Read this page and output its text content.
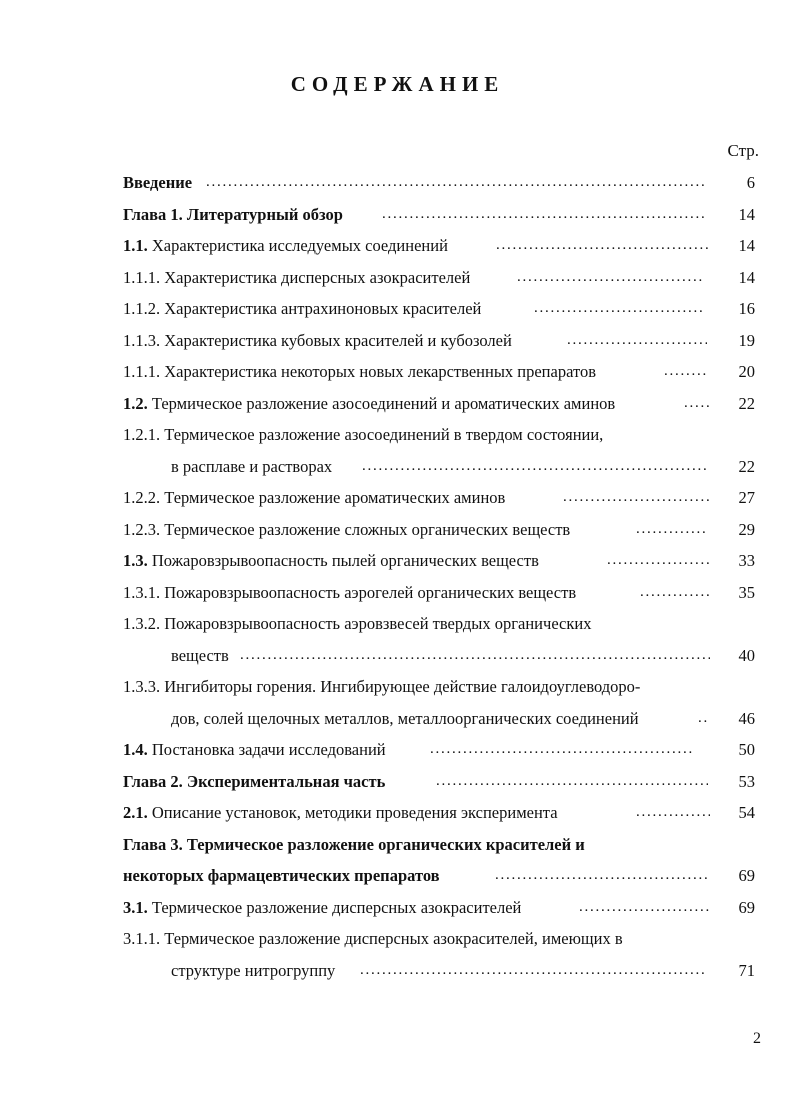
СОДЕРЖАНИЕ
Стр.
Введение . . .	6
Глава 1. Литературный обзор . . .	14
1.1. Характеристика исследуемых соединений . . .	14
1.1.1. Характеристика дисперсных азокрасителей . . .	14
1.1.2. Характеристика антрахиноновых красителей . . .	16
1.1.3. Характеристика кубовых красителей и кубозолей . . .	19
1.1.1. Характеристика некоторых новых лекарственных препаратов . . .	20
1.2. Термическое разложение азосоединений и ароматических аминов . . .	22
1.2.1. Термическое разложение азосоединений в твердом состоянии,
в расплаве и растворах . . .	22
1.2.2. Термическое разложение ароматических аминов . . .	27
1.2.3. Термическое разложение сложных органических веществ . . .	29
1.3. Пожаровзрывоопасность пылей органических веществ . . .	33
1.3.1. Пожаровзрывоопасность аэрогелей органических веществ . . .	35
1.3.2. Пожаровзрывоопасность аэровзвесей твердых органических
веществ . . .	40
1.3.3. Ингибиторы горения. Ингибирующее действие галоидоуглеводоро-
дов, солей щелочных металлов, металлоорганических соединений . . .	46
1.4. Постановка задачи исследований . . .	50
Глава 2. Экспериментальная часть . . .	53
2.1. Описание установок, методики проведения эксперимента . . .	54
Глава 3. Термическое разложение органических красителей и
некоторых фармацевтических препаратов . . .	69
3.1. Термическое разложение дисперсных азокрасителей . . .	69
3.1.1. Термическое разложение дисперсных азокрасителей, имеющих в
структуре нитрогруппу . . .	71
2
